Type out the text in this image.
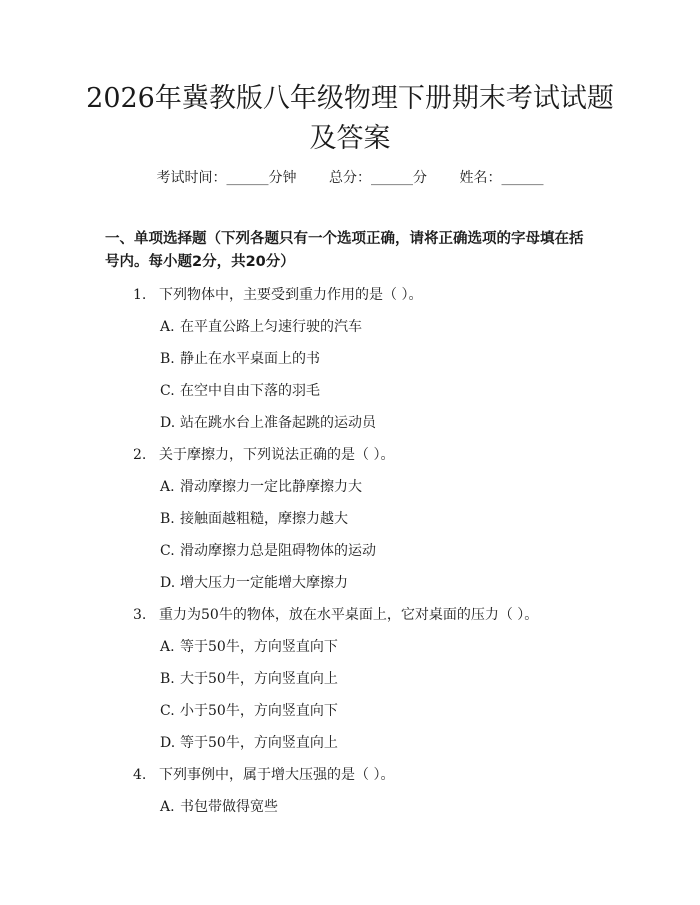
2026年冀教版八年级物理下册期末考试试题
及答案
考试时间：______分钟 总分：______分 姓名：______

一、单项选择题（下列各题只有一个选项正确，请将正确选项的字母填在括号内。每小题2分，共20分）

1. 下列物体中，主要受到重力作用的是（ ）。
A. 在平直公路上匀速行驶的汽车
B. 静止在水平桌面上的书
C. 在空中自由下落的羽毛
D. 站在跳水台上准备起跳的运动员
2. 关于摩擦力，下列说法正确的是（ ）。
A. 滑动摩擦力一定比静摩擦力大
B. 接触面越粗糙，摩擦力越大
C. 滑动摩擦力总是阻碍物体的运动
D. 增大压力一定能增大摩擦力
3. 重力为50牛的物体，放在水平桌面上，它对桌面的压力（ ）。
A. 等于50牛，方向竖直向下
B. 大于50牛，方向竖直向上
C. 小于50牛，方向竖直向下
D. 等于50牛，方向竖直向上
4. 下列事例中，属于增大压强的是（ ）。
A. 书包带做得宽些
